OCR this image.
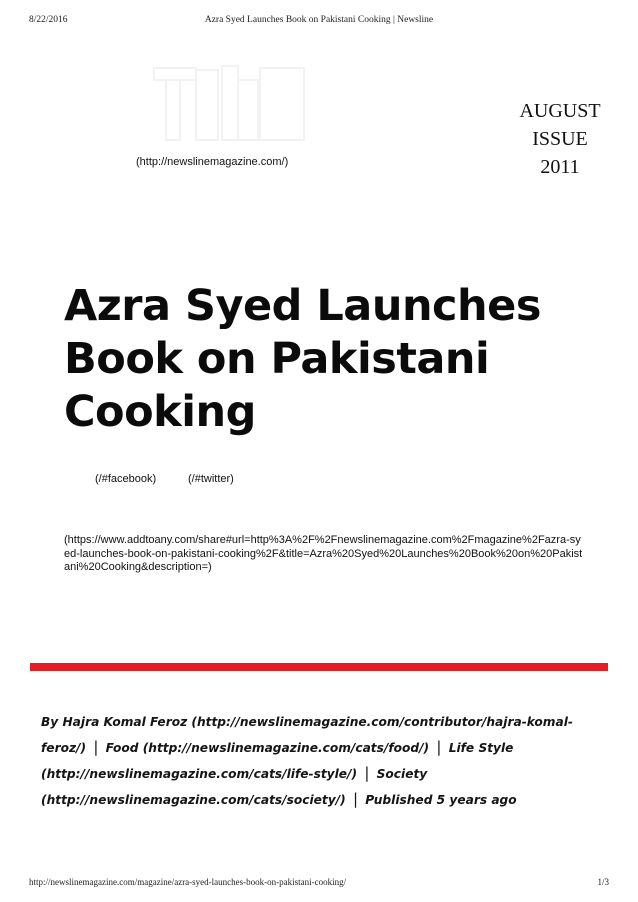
8/22/2016	Azra Syed Launches Book on Pakistani Cooking | Newsline
(http://newslinemagazine.com/)
AUGUST
ISSUE
2011
Azra Syed Launches Book on Pakistani Cooking
(/#facebook)	(/#twitter)
(https://www.addtoany.com/share#url=http%3A%2F%2Fnewslinemagazine.com%2Fmagazine%2Fazra-syed-launches-book-on-pakistani-cooking%2F&title=Azra%20Syed%20Launches%20Book%20on%20Pakistani%20Cooking&description=)
By Hajra Komal Feroz (http://newslinemagazine.com/contributor/hajra-komal-feroz/) | Food (http://newslinemagazine.com/cats/food/) | Life Style (http://newslinemagazine.com/cats/life-style/) | Society (http://newslinemagazine.com/cats/society/) | Published 5 years ago
http://newslinemagazine.com/magazine/azra-syed-launches-book-on-pakistani-cooking/	1/3
